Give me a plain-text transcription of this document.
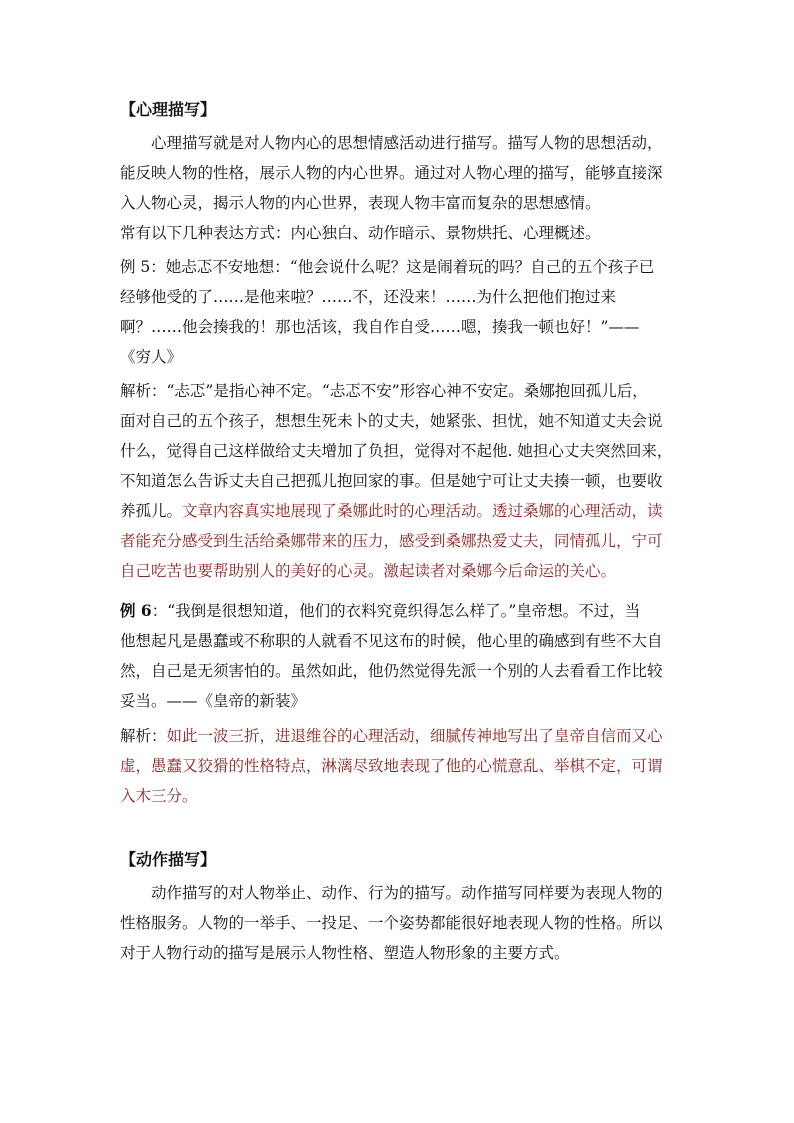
【心理描写】
心理描写就是对人物内心的思想情感活动进行描写。描写人物的思想活动，
能反映人物的性格，展示人物的内心世界。通过对人物心理的描写，能够直接深
入人物心灵，揭示人物的内心世界，表现人物丰富而复杂的思想感情。
常有以下几种表达方式：内心独白、动作暗示、景物烘托、心理概述。
例 5：她忐忑不安地想：“他会说什么呢？这是闹着玩的吗？自己的五个孩子已
经够他受的了……是他来啦？……不，还没来！……为什么把他们抱过来
啊？……他会揍我的！那也活该，我自作自受……嗯，揍我一顿也好！”——
《穷人》
解析：“忐忑”是指心神不定。“忐忑不安”形容心神不安定。桑娜抱回孤儿后，
面对自己的五个孩子，想想生死未卜的丈夫，她紧张、担忧，她不知道丈夫会说
什么，觉得自己这样做给丈夫增加了负担，觉得对不起他. 她担心丈夫突然回来，
不知道怎么告诉丈夫自己把孤儿抱回家的事。但是她宁可让丈夫揍一顿，也要收
养孤儿。文章内容真实地展现了桑娜此时的心理活动。透过桑娜的心理活动，读
者能充分感受到生活给桑娜带来的压力，感受到桑娜热爱丈夫，同情孤儿，宁可
自己吃苦也要帮助别人的美好的心灵。激起读者对桑娜今后命运的关心。
例 6：“我倒是很想知道，他们的衣料究竟织得怎么样了。”皇帝想。不过，当
他想起凡是愚蠢或不称职的人就看不见这布的时候，他心里的确感到有些不大自
然，自己是无须害怕的。虽然如此，他仍然觉得先派一个别的人去看看工作比较
妥当。——《皇帝的新装》
解析：如此一波三折，进退维谷的心理活动，细腻传神地写出了皇帝自信而又心
虚，愚蠢又狡猾的性格特点，淋漓尽致地表现了他的心慌意乱、举棋不定，可谓
入木三分。
【动作描写】
动作描写的对人物举止、动作、行为的描写。动作描写同样要为表现人物的
性格服务。人物的一举手、一投足、一个姿势都能很好地表现人物的性格。所以
对于人物行动的描写是展示人物性格、塑造人物形象的主要方式。
